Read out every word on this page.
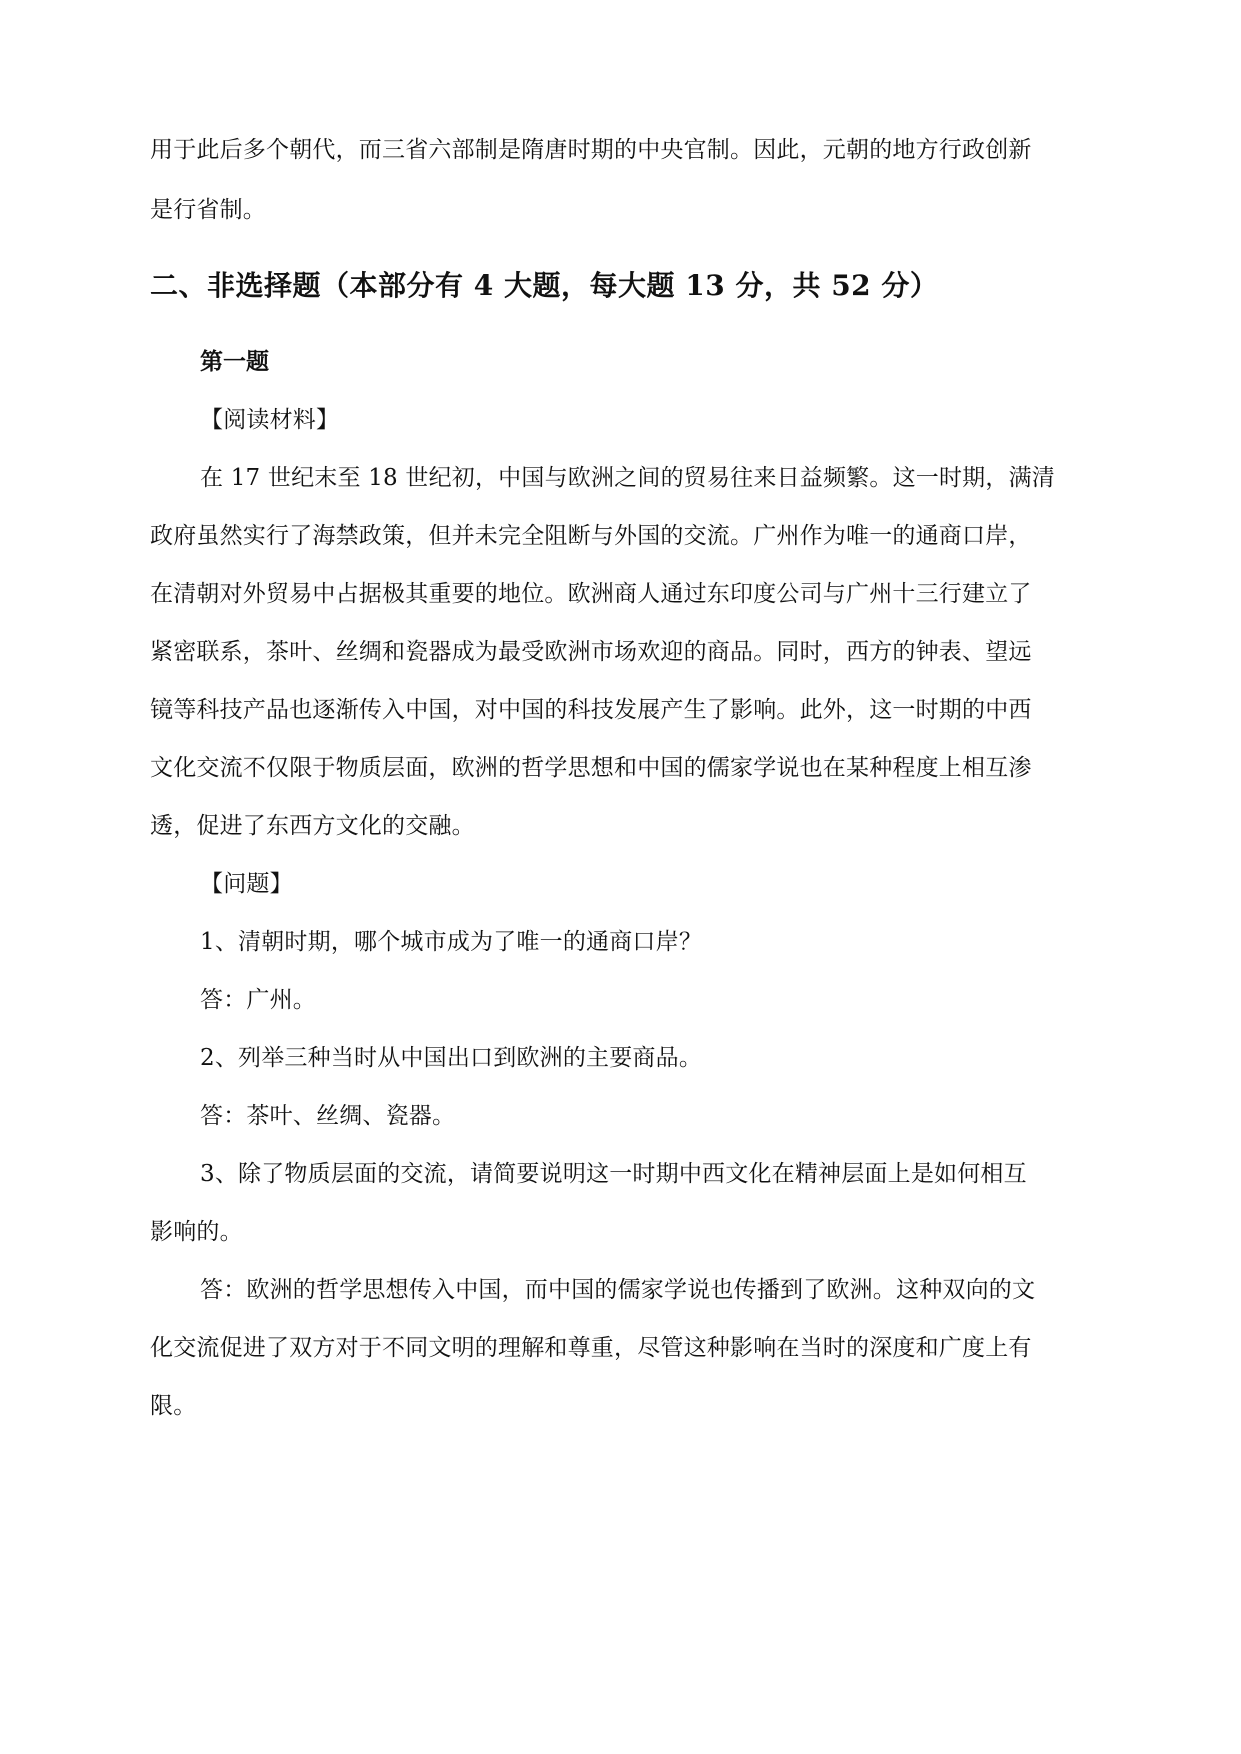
用于此后多个朝代，而三省六部制是隋唐时期的中央官制。因此，元朝的地方行政创新
是行省制。
二、非选择题（本部分有 4 大题，每大题 13 分，共 52 分）
第一题
【阅读材料】
在 17 世纪末至 18 世纪初，中国与欧洲之间的贸易往来日益频繁。这一时期，满清
政府虽然实行了海禁政策，但并未完全阻断与外国的交流。广州作为唯一的通商口岸，
在清朝对外贸易中占据极其重要的地位。欧洲商人通过东印度公司与广州十三行建立了
紧密联系，茶叶、丝绸和瓷器成为最受欧洲市场欢迎的商品。同时，西方的钟表、望远
镜等科技产品也逐渐传入中国，对中国的科技发展产生了影响。此外，这一时期的中西
文化交流不仅限于物质层面，欧洲的哲学思想和中国的儒家学说也在某种程度上相互渗
透，促进了东西方文化的交融。
【问题】
1、清朝时期，哪个城市成为了唯一的通商口岸？
答：广州。
2、列举三种当时从中国出口到欧洲的主要商品。
答：茶叶、丝绸、瓷器。
3、除了物质层面的交流，请简要说明这一时期中西文化在精神层面上是如何相互
影响的。
答：欧洲的哲学思想传入中国，而中国的儒家学说也传播到了欧洲。这种双向的文
化交流促进了双方对于不同文明的理解和尊重，尽管这种影响在当时的深度和广度上有
限。
